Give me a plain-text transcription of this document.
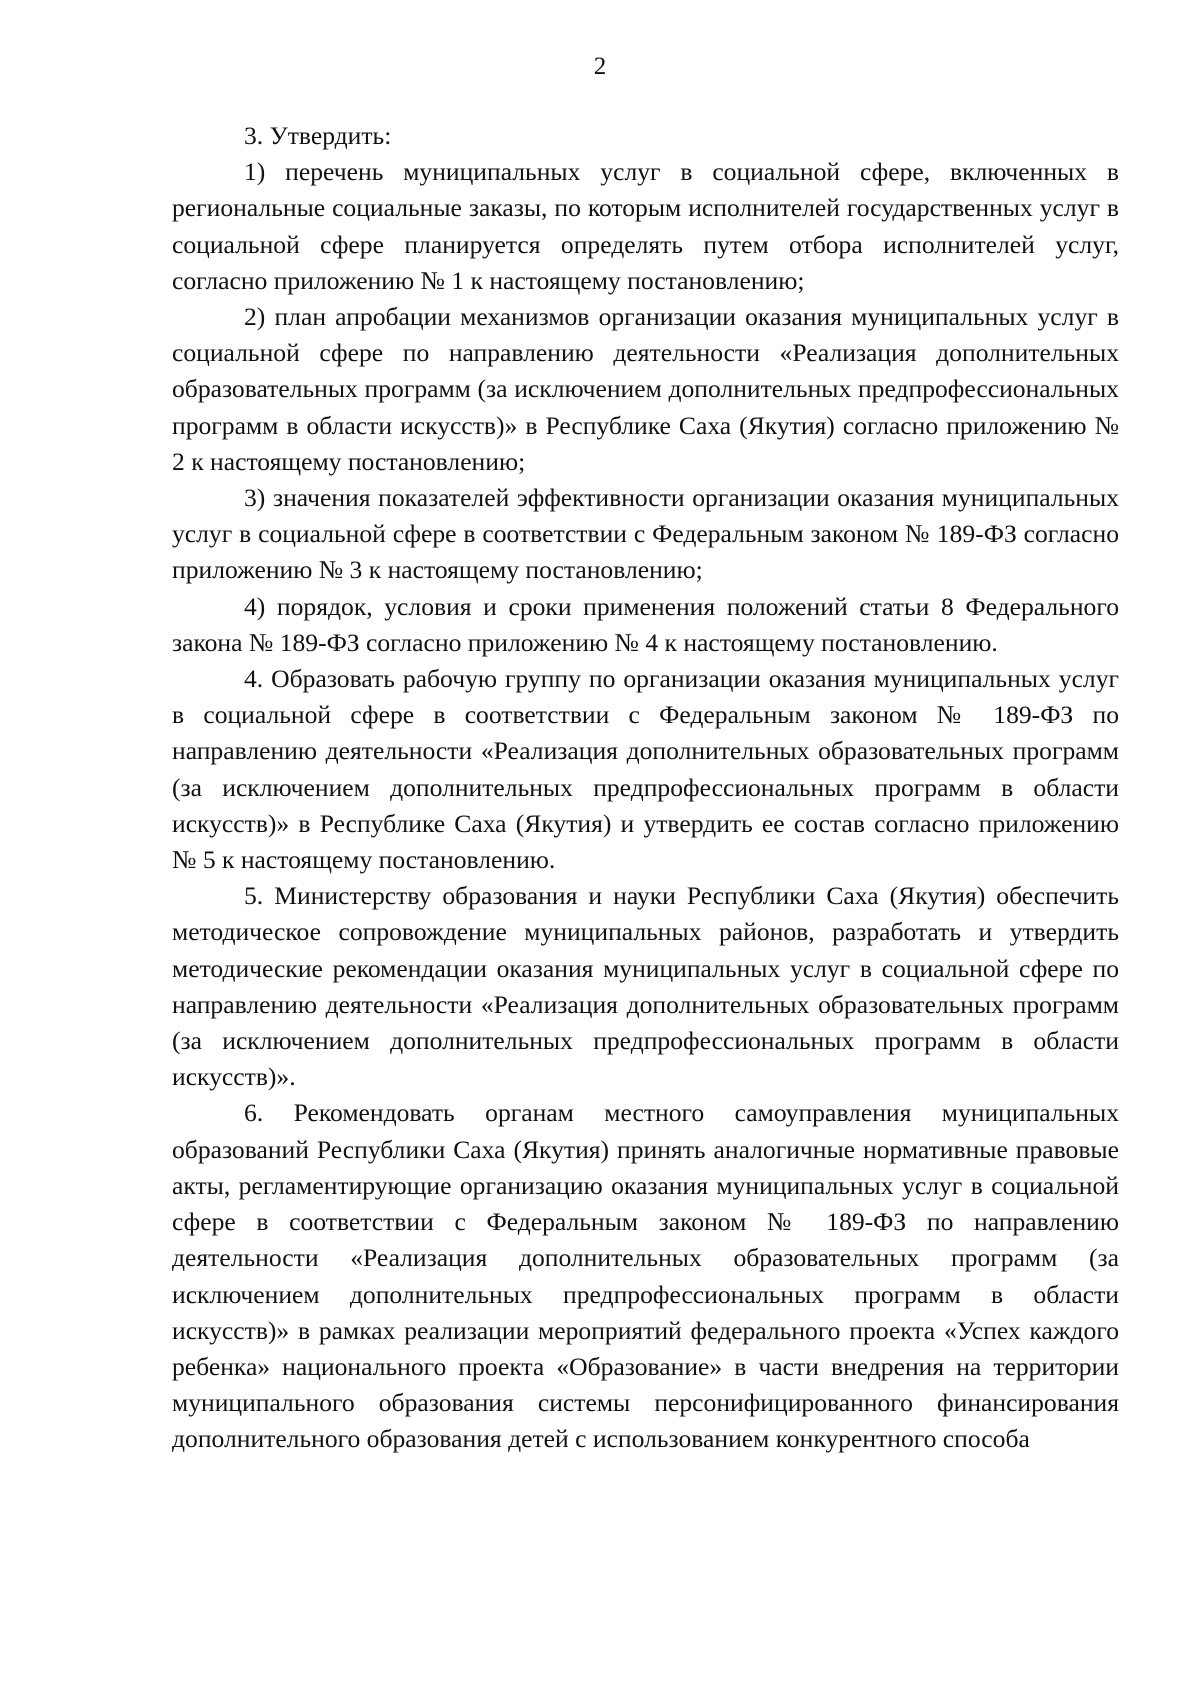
2

3. Утвердить:

1) перечень муниципальных услуг в социальной сфере, включенных в региональные социальные заказы, по которым исполнителей государственных услуг в социальной сфере планируется определять путем отбора исполнителей услуг, согласно приложению № 1 к настоящему постановлению;

2) план апробации механизмов организации оказания муниципальных услуг в социальной сфере по направлению деятельности «Реализация дополнительных образовательных программ (за исключением дополнительных предпрофессиональных программ в области искусств)» в Республике Саха (Якутия) согласно приложению № 2 к настоящему постановлению;

3) значения показателей эффективности организации оказания муниципальных услуг в социальной сфере в соответствии с Федеральным законом № 189-ФЗ согласно приложению № 3 к настоящему постановлению;

4) порядок, условия и сроки применения положений статьи 8 Федерального закона № 189-ФЗ согласно приложению № 4 к настоящему постановлению.

4. Образовать рабочую группу по организации оказания муниципальных услуг в социальной сфере в соответствии с Федеральным законом № 189-ФЗ по направлению деятельности «Реализация дополнительных образовательных программ (за исключением дополнительных предпрофессиональных программ в области искусств)» в Республике Саха (Якутия) и утвердить ее состав согласно приложению № 5 к настоящему постановлению.

5. Министерству образования и науки Республики Саха (Якутия) обеспечить методическое сопровождение муниципальных районов, разработать и утвердить методические рекомендации оказания муниципальных услуг в социальной сфере по направлению деятельности «Реализация дополнительных образовательных программ (за исключением дополнительных предпрофессиональных программ в области искусств)».

6. Рекомендовать органам местного самоуправления муниципальных образований Республики Саха (Якутия) принять аналогичные нормативные правовые акты, регламентирующие организацию оказания муниципальных услуг в социальной сфере в соответствии с Федеральным законом № 189-ФЗ по направлению деятельности «Реализация дополнительных образовательных программ (за исключением дополнительных предпрофессиональных программ в области искусств)» в рамках реализации мероприятий федерального проекта «Успех каждого ребенка» национального проекта «Образование» в части внедрения на территории муниципального образования системы персонифицированного финансирования дополнительного образования детей с использованием конкурентного способа
